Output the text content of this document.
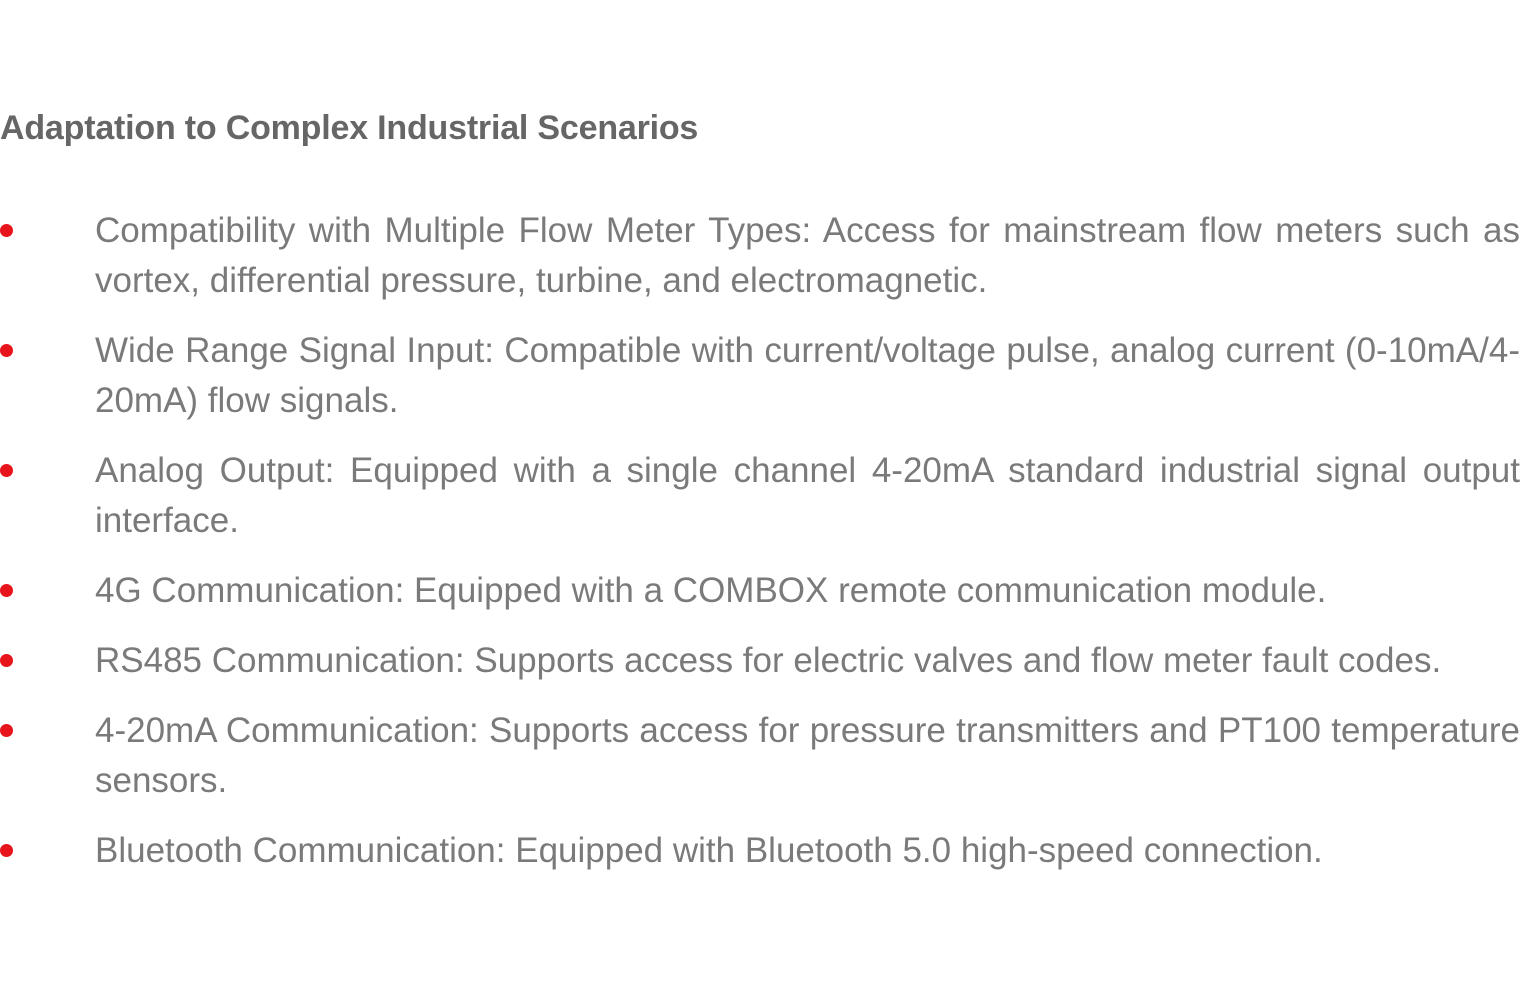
Adaptation to Complex Industrial Scenarios
Compatibility with Multiple Flow Meter Types: Access for mainstream flow meters such as vortex, differential pressure, turbine, and electromagnetic.
Wide Range Signal Input: Compatible with current/voltage pulse, analog current (0-10mA/4-20mA) flow signals.
Analog Output: Equipped with a single channel 4-20mA standard industrial signal output interface.
4G Communication: Equipped with a COMBOX remote communication module.
RS485 Communication: Supports access for electric valves and flow meter fault codes.
4-20mA Communication: Supports access for pressure transmitters and PT100 temperature sensors.
Bluetooth Communication: Equipped with Bluetooth 5.0 high-speed connection.
